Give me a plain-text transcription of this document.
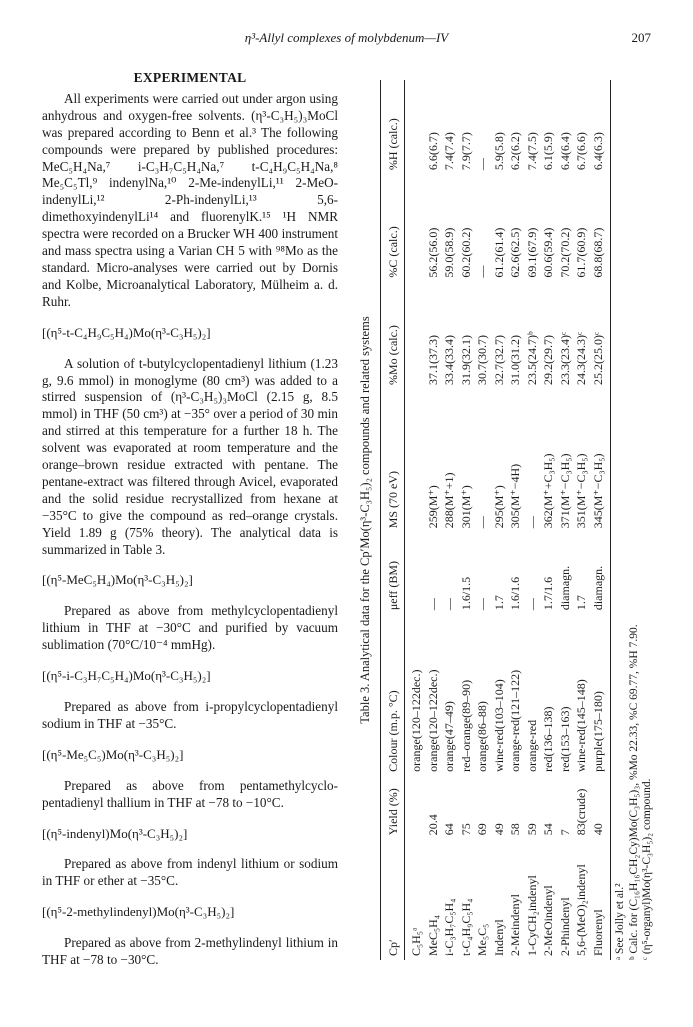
η³-Allyl complexes of molybdenum—IV	207
EXPERIMENTAL

All experiments were carried out under argon using anhydrous and oxygen-free solvents. (η³-C₃H₅)₃MoCl was prepared according to Benn et al.³ The following compounds were prepared by published procedures: MeC₅H₄Na,⁷ i-C₃H₇C₅H₄Na,⁷ t-C₄H₉C₅H₄Na,⁸ Me₅C₅Tl,⁹ indenylNa,¹⁰ 2-Me-indenylLi,¹¹ 2-MeO-indenylLi,¹² 2-Ph-indenylLi,¹³ 5,6-dimethoxyindenylLi¹⁴ and fluorenylK.¹⁵ ¹H NMR spectra were recorded on a Brucker WH 400 instrument and mass spectra using a Varian CH 5 with ⁹⁸Mo as the standard. Micro-analyses were carried out by Dornis and Kolbe, Microanalytical Laboratory, Mülheim a. d. Ruhr.

[(η⁵-t-C₄H₉C₅H₄)Mo(η³-C₃H₅)₂]

A solution of t-butylcyclopentadienyl lithium (1.23 g, 9.6 mmol) in monoglyme (80 cm³) was added to a stirred suspension of (η³-C₃H₅)₃MoCl (2.15 g, 8.5 mmol) in THF (50 cm³) at −35° over a period of 30 min and stirred at this temperature for a further 18 h. The solvent was evaporated at room temperature and the orange–brown residue extracted with pentane. The pentane-extract was filtered through Avicel, evaporated and the solid residue recrystallized from hexane at −35°C to give the compound as red–orange crystals. Yield 1.89 g (75% theory). The analytical data is summarized in Table 3.

[(η⁵-MeC₅H₄)Mo(η³-C₃H₅)₂]

Prepared as above from methylcyclopentadienyl lithium in THF at −30°C and purified by vacuum sublimation (70°C/10⁻⁴ mmHg).

[(η⁵-i-C₃H₇C₅H₄)Mo(η³-C₃H₅)₂]

Prepared as above from i-propylcyclopentadienyl sodium in THF at −35°C.

[(η⁵-Me₅C₅)Mo(η³-C₃H₅)₂]

Prepared as above from pentamethylcyclo-pentadienyl thallium in THF at −78 to −10°C.

[(η⁵-indenyl)Mo(η³-C₃H₅)₂]

Prepared as above from indenyl lithium or sodium in THF or ether at −35°C.

[(η⁵-2-methylindenyl)Mo(η³-C₃H₅)₂]

Prepared as above from 2-methylindenyl lithium in THF at −78 to −30°C.

Table 3. Analytical data for the Cp′Mo(η³-C₃H₅)₂ compounds and related systems
Cp′	Yield (%)	Colour (m.p. °C)	μeff (BM)	MS (70 eV)	%Mo (calc.)	%C (calc.)	%H (calc.)
C₅H₅ᵃ		orange(120–122dec.)					
MeC₅H₄	20.4	orange(120–122dec.)	—	259(M⁺)	37.1(37.3)	56.2(56.0)	6.6(6.7)
i-C₃H₇C₅H₄	64	orange(47–49)	—	288(M⁺+1)	33.4(33.4)	59.0(58.9)	7.4(7.4)
t-C₄H₉C₅H₄	75	red–orange(89–90)	1.6/1.5	301(M⁺)	31.9(32.1)	60.2(60.2)	7.9(7.7)
Me₅C₅	69	orange(86–88)	—	—	30.7(30.7)	—	—
Indenyl	49	wine-red(103–104)	1.7	295(M⁺)	32.7(32.7)	61.2(61.4)	5.9(5.8)
2-Meindenyl	58	orange-red(121–122)	1.6/1.6	305(M⁺−4H)	31.0(31.2)	62.6(62.5)	6.2(6.2)
1-CyCH₂indenyl	59	orange-red	—	—	23.5(24.7)ᵇ	69.1(67.9)	7.4(7.5)
2-MeOindenyl	54	red(136–138)	1.7/1.6	362(M⁺+C₃H₅)	29.2(29.7)	60.6(59.4)	6.1(5.9)
2-Phindenyl	7	red(153–163)	diamagn.	371(M⁺−C₃H₅)	23.3(23.4)ᶜ	70.2(70.2)	6.4(6.4)
5,6-(MeO)₂indenyl	83(crude)	wine-red(145–148)	1.7	351(M⁺−C₃H₅)	24.3(24.3)ᶜ	61.7(60.9)	6.7(6.6)
Fluorenyl	40	purple(175–180)	diamagn.	345(M⁺−C₃H₅)	25.2(25.0)ᶜ	68.8(68.7)	6.4(6.3)
ᵃ See Jolly et al.² ᵇ Calc. for (C₁₆H₁₆CH₂Cy)Mo(C₃H₅)₃, %Mo 22.33, %C 69.77, %H 7.90. ᶜ (η⁵-organyl)Mo(η³-C₃H₅)₂ compound.
